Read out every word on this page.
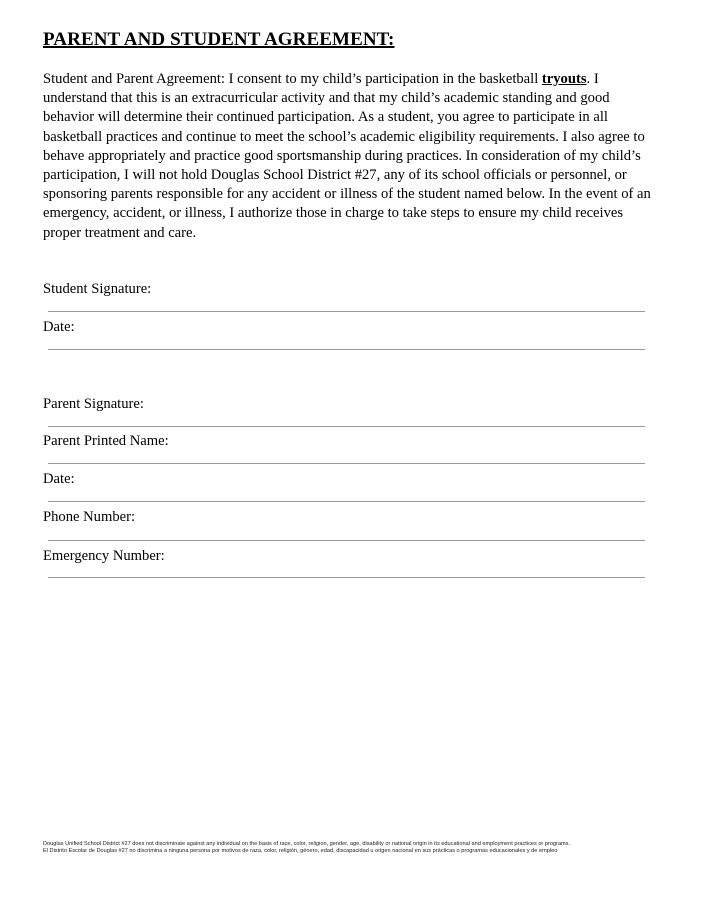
PARENT AND STUDENT AGREEMENT:
Student and Parent Agreement: I consent to my child’s participation in the basketball tryouts. I
understand that this is an extracurricular activity and that my child’s academic standing and good
behavior will determine their continued participation. As a student, you agree to participate in all
basketball practices and continue to meet the school’s academic eligibility requirements. I also agree to
behave appropriately and practice good sportsmanship during practices. In consideration of my child’s
participation, I will not hold Douglas School District #27, any of its school officials or personnel, or
sponsoring parents responsible for any accident or illness of the student named below. In the event of an
emergency, accident, or illness, I authorize those in charge to take steps to ensure my child receives
proper treatment and care.
Student Signature:
Date:
Parent Signature:
Parent Printed Name:
Date:
Phone Number:
Emergency Number:
Douglas Unified School District #27 does not discriminate against any individual on the basis of race, color, religion, gender, age, disability or national origin in its educational and employment practices or programs.
El Distrito Escolar de Douglas #27 no discrimina a ninguna persona por motivos de raza, color, religión, género, edad, discapacidad u origen nacional en sus prácticas o programas educacionales y de empleo
